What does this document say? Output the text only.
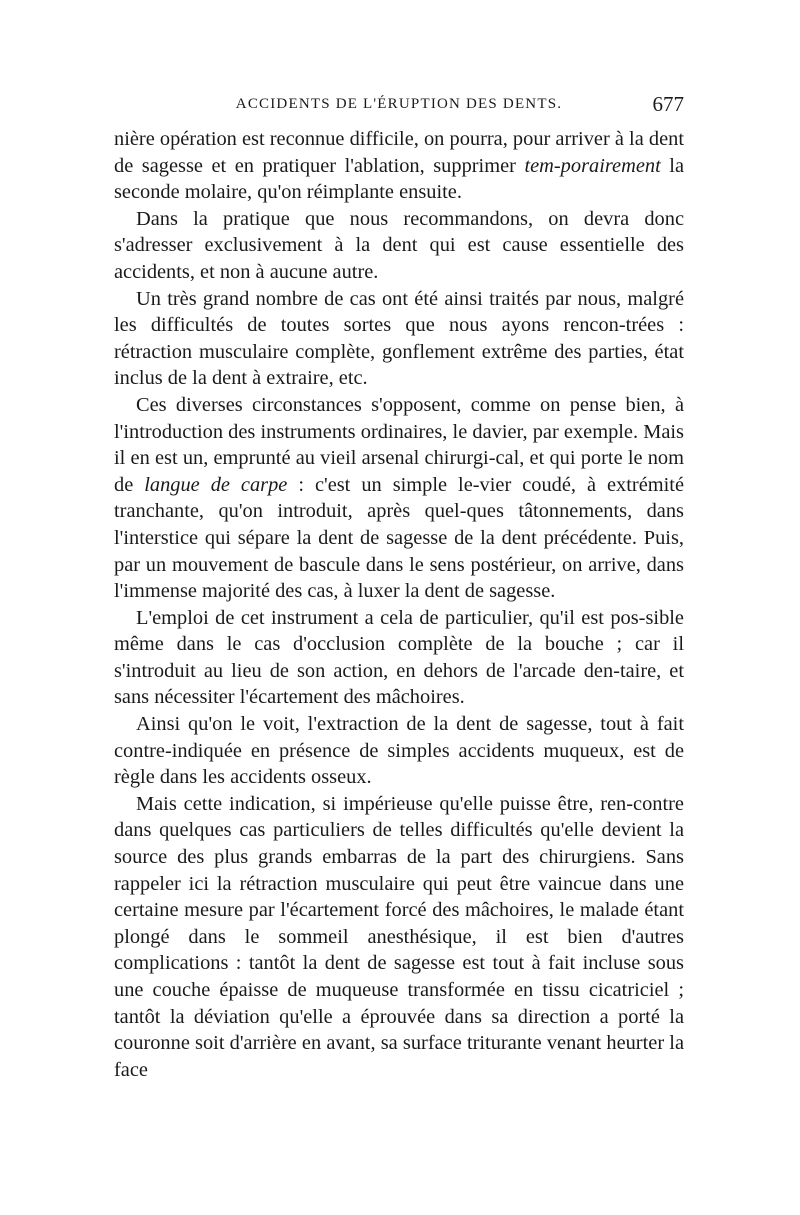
ACCIDENTS DE L'ÉRUPTION DES DENTS.	677

nière opération est reconnue difficile, on pourra, pour arriver à la dent de sagesse et en pratiquer l'ablation, supprimer tem-porairement la seconde molaire, qu'on réimplante ensuite.

Dans la pratique que nous recommandons, on devra donc s'adresser exclusivement à la dent qui est cause essentielle des accidents, et non à aucune autre.

Un très grand nombre de cas ont été ainsi traités par nous, malgré les difficultés de toutes sortes que nous ayons rencon-trées : rétraction musculaire complète, gonflement extrême des parties, état inclus de la dent à extraire, etc.

Ces diverses circonstances s'opposent, comme on pense bien, à l'introduction des instruments ordinaires, le davier, par exemple. Mais il en est un, emprunté au vieil arsenal chirurgi-cal, et qui porte le nom de langue de carpe : c'est un simple le-vier coudé, à extrémité tranchante, qu'on introduit, après quel-ques tâtonnements, dans l'interstice qui sépare la dent de sagesse de la dent précédente. Puis, par un mouvement de bascule dans le sens postérieur, on arrive, dans l'immense majorité des cas, à luxer la dent de sagesse.

L'emploi de cet instrument a cela de particulier, qu'il est pos-sible même dans le cas d'occlusion complète de la bouche ; car il s'introduit au lieu de son action, en dehors de l'arcade den-taire, et sans nécessiter l'écartement des mâchoires.

Ainsi qu'on le voit, l'extraction de la dent de sagesse, tout à fait contre-indiquée en présence de simples accidents muqueux, est de règle dans les accidents osseux.

Mais cette indication, si impérieuse qu'elle puisse être, ren-contre dans quelques cas particuliers de telles difficultés qu'elle devient la source des plus grands embarras de la part des chirurgiens. Sans rappeler ici la rétraction musculaire qui peut être vaincue dans une certaine mesure par l'écartement forcé des mâchoires, le malade étant plongé dans le sommeil anesthésique, il est bien d'autres complications : tantôt la dent de sagesse est tout à fait incluse sous une couche épaisse de muqueuse transformée en tissu cicatriciel ; tantôt la déviation qu'elle a éprouvée dans sa direction a porté la couronne soit d'arrière en avant, sa surface triturante venant heurter la face
